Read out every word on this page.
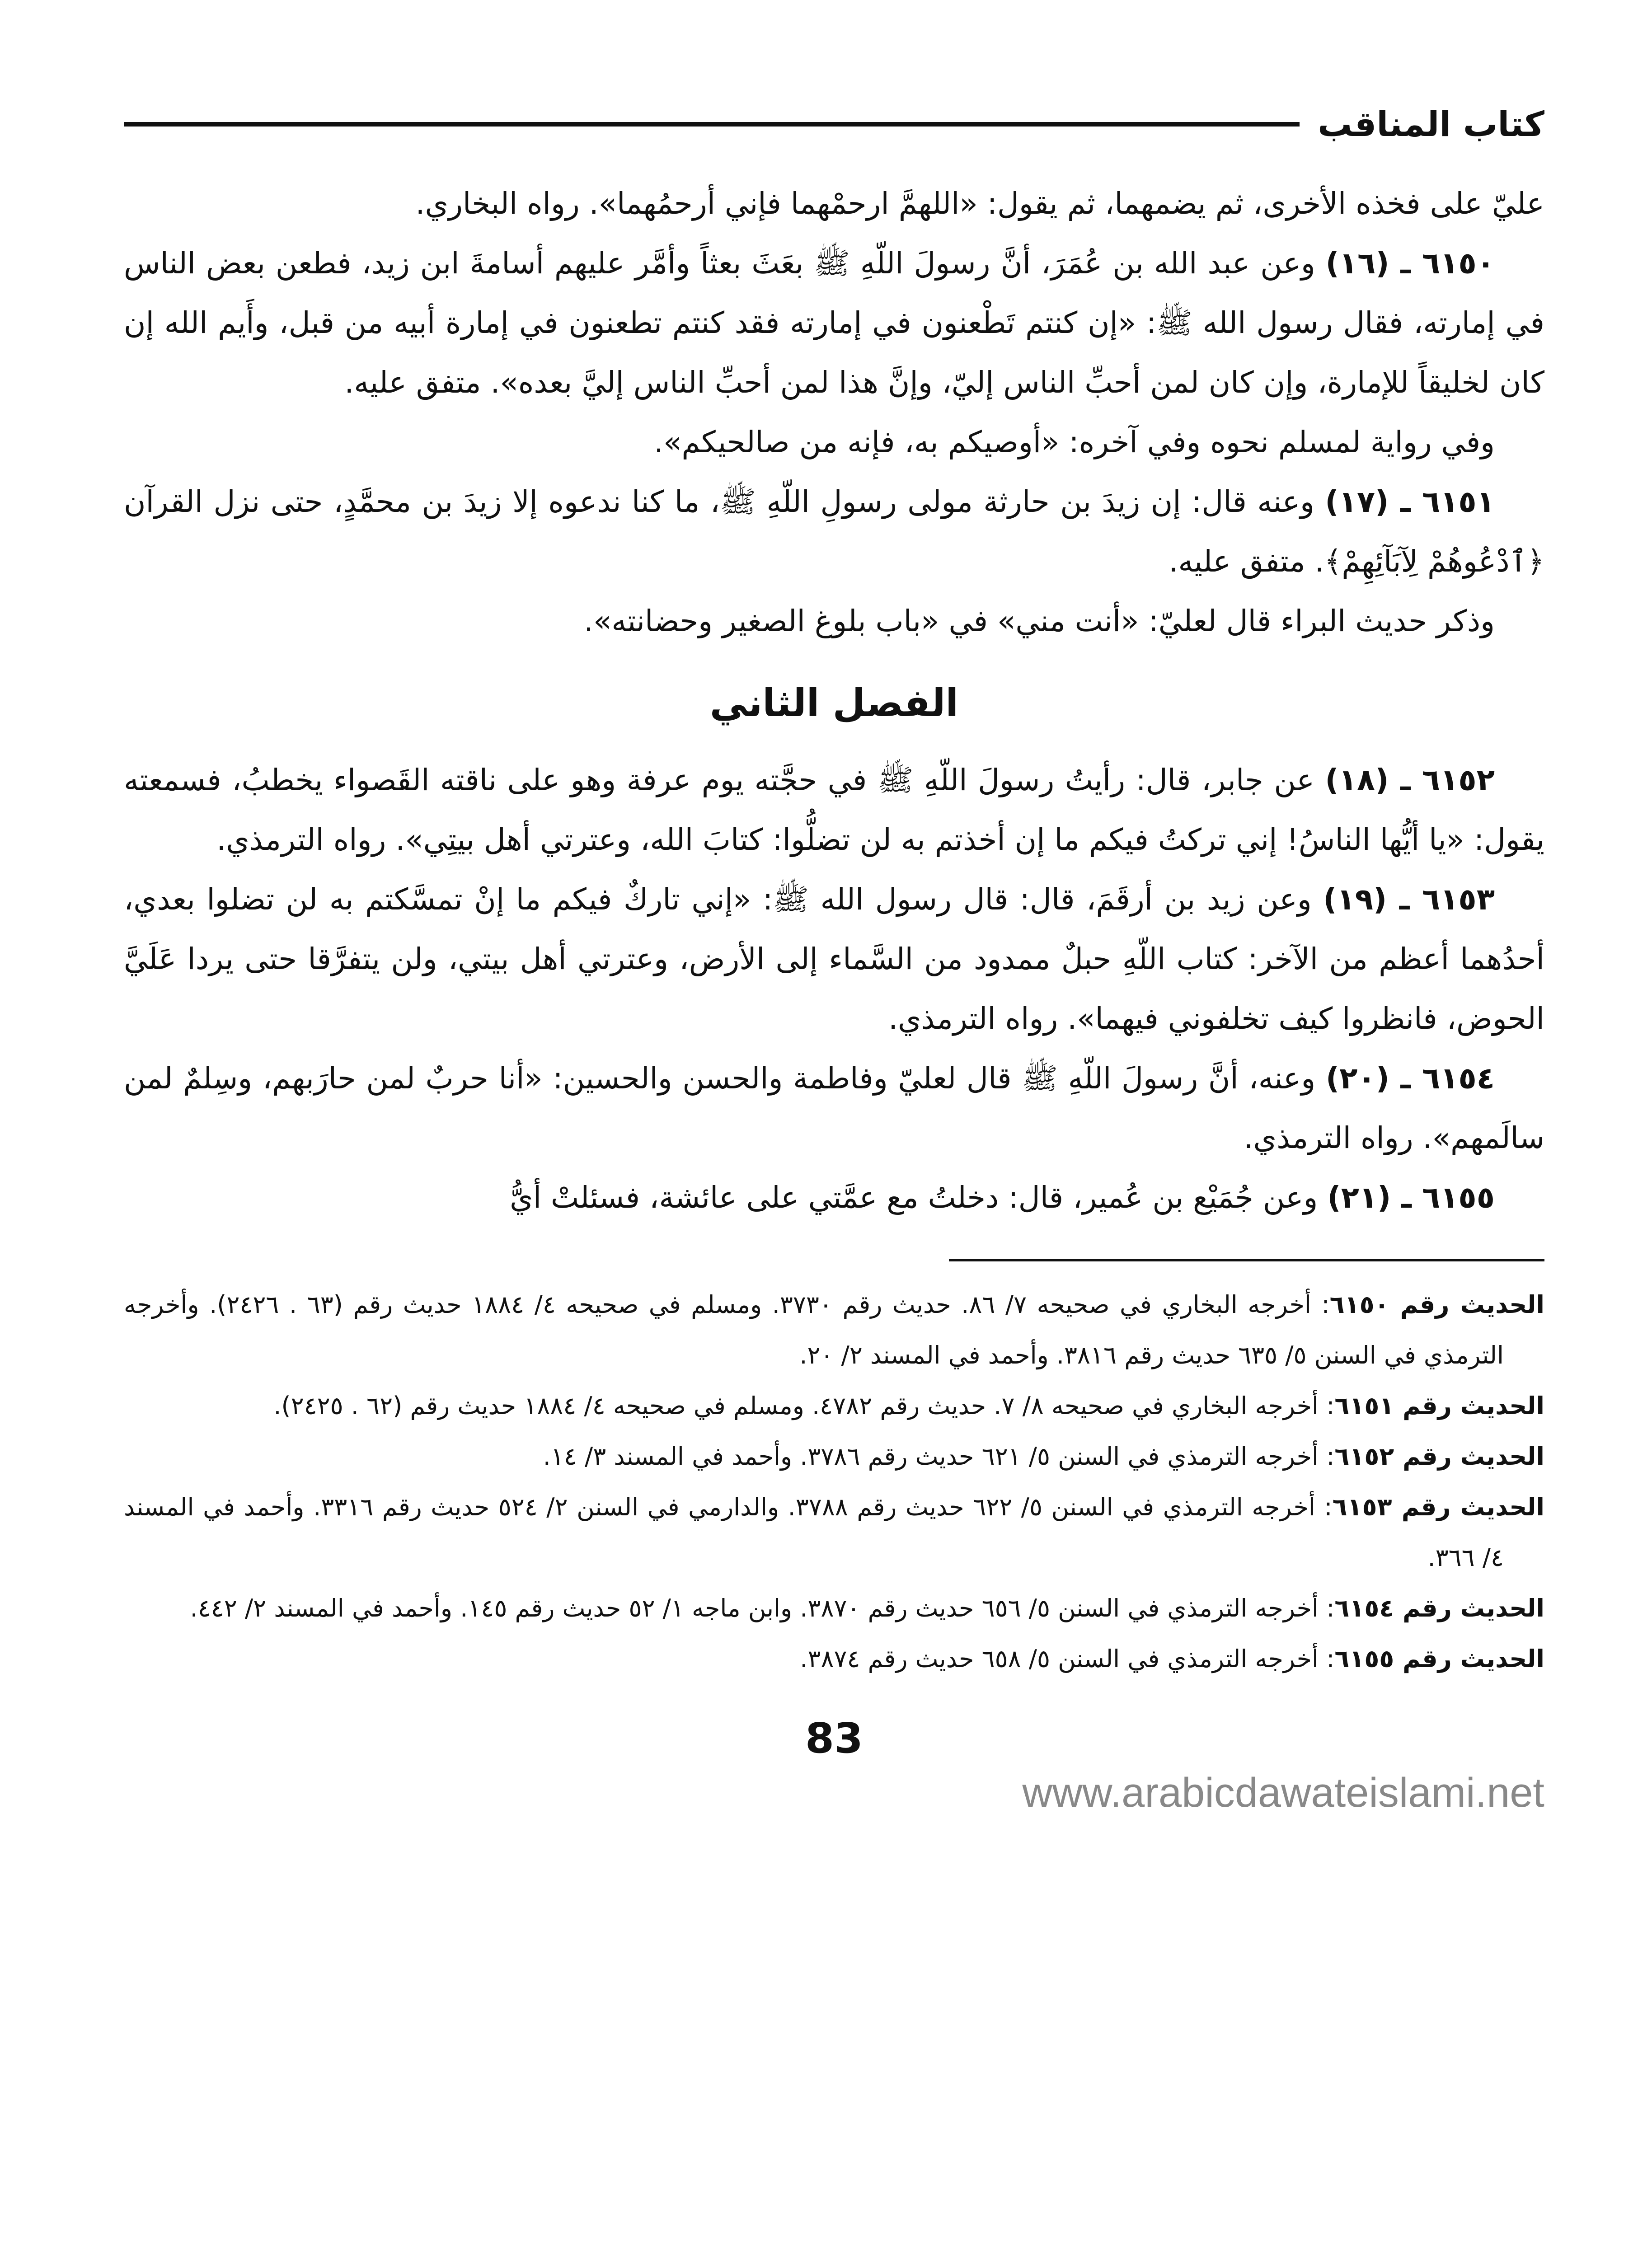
كتاب المناقب

عليّ على فخذه الأخرى، ثم يضمهما، ثم يقول: «اللهمَّ ارحمْهما فإني أرحمُهما». رواه البخاري.

٦١٥٠ ـ (١٦) وعن عبد الله بن عُمَرَ، أنَّ رسولَ اللّهِ ﷺ بعَثَ بعثاً وأمَّر عليهم أسامةَ ابن زيد، فطعن بعض الناس في إمارته، فقال رسول الله ﷺ: «إن كنتم تَطْعنون في إمارته فقد كنتم تطعنون في إمارة أبيه من قبل، وأَيم الله إن كان لخليقاً للإمارة، وإن كان لمن أحبِّ الناس إليّ، وإنَّ هذا لمن أحبِّ الناس إليَّ بعده». متفق عليه.

وفي رواية لمسلم نحوه وفي آخره: «أوصيكم به، فإنه من صالحيكم».

٦١٥١ ـ (١٧) وعنه قال: إن زيدَ بن حارثة مولى رسولِ اللّهِ ﷺ، ما كنا ندعوه إلا زيدَ بن محمَّدٍ، حتى نزل القرآن ﴿ٱدْعُوهُمْ لِآبَآئِهِمْ﴾. متفق عليه.

وذكر حديث البراء قال لعليّ: «أنت مني» في «باب بلوغ الصغير وحضانته».

الفصل الثاني

٦١٥٢ ـ (١٨) عن جابر، قال: رأيتُ رسولَ اللّهِ ﷺ في حجَّته يوم عرفة وهو على ناقته القَصواء يخطبُ، فسمعته يقول: «يا أيُّها الناسُ! إني تركتُ فيكم ما إن أخذتم به لن تضلُّوا: كتابَ الله، وعترتي أهل بيتِي». رواه الترمذي.

٦١٥٣ ـ (١٩) وعن زيد بن أرقَمَ، قال: قال رسول الله ﷺ: «إني تاركٌ فيكم ما إنْ تمسَّكتم به لن تضلوا بعدي، أحدُهما أعظم من الآخر: كتاب اللّهِ حبلٌ ممدود من السَّماء إلى الأرض، وعترتي أهل بيتي، ولن يتفرَّقا حتى يردا عَلَيَّ الحوض، فانظروا كيف تخلفوني فيهما». رواه الترمذي.

٦١٥٤ ـ (٢٠) وعنه، أنَّ رسولَ اللّهِ ﷺ قال لعليّ وفاطمة والحسن والحسين: «أنا حربٌ لمن حارَبهم، وسِلمٌ لمن سالَمهم». رواه الترمذي.

٦١٥٥ ـ (٢١) وعن جُمَيْع بن عُمير، قال: دخلتُ مع عمَّتي على عائشة، فسئلتْ أيُّ

الحديث رقم ٦١٥٠: أخرجه البخاري في صحيحه ٧/ ٨٦. حديث رقم ٣٧٣٠. ومسلم في صحيحه ٤/ ١٨٨٤ حديث رقم (٦٣ . ٢٤٢٦). وأخرجه الترمذي في السنن ٥/ ٦٣٥ حديث رقم ٣٨١٦. وأحمد في المسند ٢/ ٢٠.

الحديث رقم ٦١٥١: أخرجه البخاري في صحيحه ٨/ ٧. حديث رقم ٤٧٨٢. ومسلم في صحيحه ٤/ ١٨٨٤ حديث رقم (٦٢ . ٢٤٢٥).

الحديث رقم ٦١٥٢: أخرجه الترمذي في السنن ٥/ ٦٢١ حديث رقم ٣٧٨٦. وأحمد في المسند ٣/ ١٤.

الحديث رقم ٦١٥٣: أخرجه الترمذي في السنن ٥/ ٦٢٢ حديث رقم ٣٧٨٨. والدارمي في السنن ٢/ ٥٢٤ حديث رقم ٣٣١٦. وأحمد في المسند ٤/ ٣٦٦.

الحديث رقم ٦١٥٤: أخرجه الترمذي في السنن ٥/ ٦٥٦ حديث رقم ٣٨٧٠. وابن ماجه ١/ ٥٢ حديث رقم ١٤٥. وأحمد في المسند ٢/ ٤٤٢.

الحديث رقم ٦١٥٥: أخرجه الترمذي في السنن ٥/ ٦٥٨ حديث رقم ٣٨٧٤.

83
www.arabicdawateislami.net
